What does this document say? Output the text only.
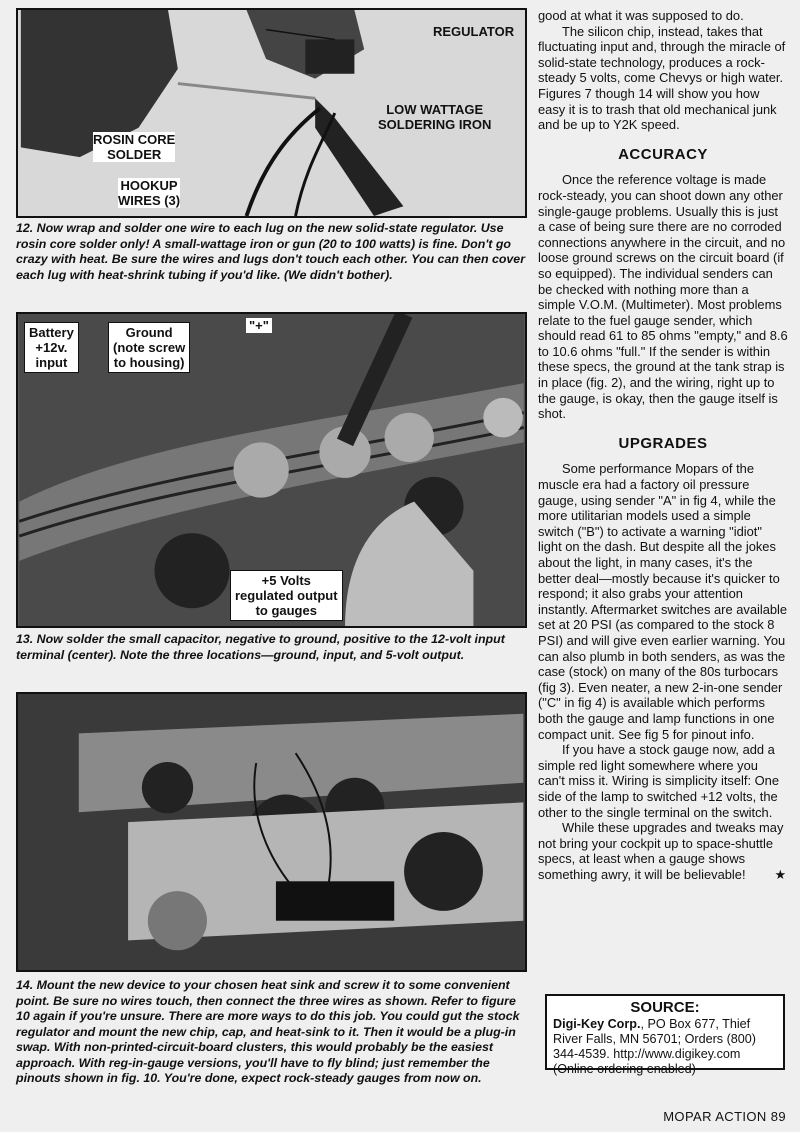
REGULATOR
LOW WATTAGE
SOLDERING IRON
ROSIN CORE
SOLDER
HOOKUP
WIRES (3)
12. Now wrap and solder one wire to each lug on the new solid-state regulator. Use rosin core solder only! A small-wattage iron or gun (20 to 100 watts) is fine. Don't go crazy with heat. Be sure the wires and lugs don't touch each other. You can then cover each lug with heat-shrink tubing if you'd like. (We didn't bother).
Battery
+12v.
input
Ground
(note screw
to housing)
"+"
+5 Volts
regulated output
to gauges
13. Now solder the small capacitor, negative to ground, positive to the 12-volt input terminal (center). Note the three locations—ground, input, and 5-volt output.
14. Mount the new device to your chosen heat sink and screw it to some convenient point. Be sure no wires touch, then connect the three wires as shown. Refer to figure 10 again if you're unsure. There are more ways to do this job. You could gut the stock regulator and mount the new chip, cap, and heat-sink to it. Then it would be a plug-in swap. With non-printed-circuit-board clusters, this would probably be the easiest approach. With reg-in-gauge versions, you'll have to fly blind; just remember the pinouts shown in fig. 10. You're done, expect rock-steady gauges from now on.

good at what it was supposed to do.

The silicon chip, instead, takes that fluctuating input and, through the miracle of solid-state technology, produces a rock-steady 5 volts, come Chevys or high water. Figures 7 though 14 will show you how easy it is to trash that old mechanical junk and be up to Y2K speed.

ACCURACY

Once the reference voltage is made rock-steady, you can shoot down any other single-gauge problems. Usually this is just a case of being sure there are no corroded connections anywhere in the circuit, and no loose ground screws on the circuit board (if so equipped). The individual senders can be checked with nothing more than a simple V.O.M. (Multimeter). Most problems relate to the fuel gauge sender, which should read 61 to 85 ohms "empty," and 8.6 to 10.6 ohms "full." If the sender is within these specs, the ground at the tank strap is in place (fig. 2), and the wiring, right up to the gauge, is okay, then the gauge itself is shot.

UPGRADES

Some performance Mopars of the muscle era had a factory oil pressure gauge, using sender "A" in fig 4, while the more utilitarian models used a simple switch ("B") to activate a warning "idiot" light on the dash. But despite all the jokes about the light, in many cases, it's the better deal—mostly because it's quicker to respond; it also grabs your attention instantly. Aftermarket switches are available set at 20 PSI (as compared to the stock 8 PSI) and will give even earlier warning. You can also plumb in both senders, as was the case (stock) on many of the 80s turbocars (fig 3). Even neater, a new 2-in-one sender ("C" in fig 4) is available which performs both the gauge and lamp functions in one compact unit. See fig 5 for pinout info.

If you have a stock gauge now, add a simple red light somewhere where you can't miss it. Wiring is simplicity itself: One side of the lamp to switched +12 volts, the other to the single terminal on the switch.

While these upgrades and tweaks may not bring your cockpit up to space-shuttle specs, at least when a gauge shows something awry, it will be believable!	★

SOURCE:
Digi-Key Corp., PO Box 677, Thief River Falls, MN 56701; Orders (800) 344-4539. http://www.digikey.com (Online ordering enabled)
MOPAR ACTION 89
